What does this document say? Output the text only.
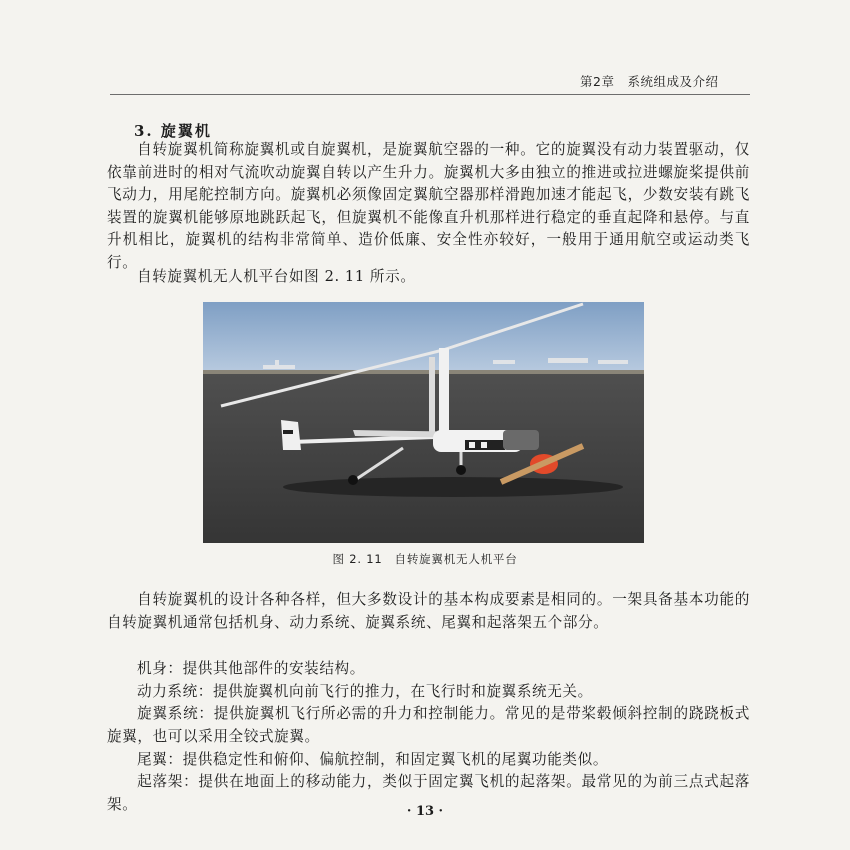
第2章　系统组成及介绍
3. 旋翼机
自转旋翼机简称旋翼机或自旋翼机，是旋翼航空器的一种。它的旋翼没有动力装置驱动，仅依靠前进时的相对气流吹动旋翼自转以产生升力。旋翼机大多由独立的推进或拉进螺旋桨提供前飞动力，用尾舵控制方向。旋翼机必须像固定翼航空器那样滑跑加速才能起飞，少数安装有跳飞装置的旋翼机能够原地跳跃起飞，但旋翼机不能像直升机那样进行稳定的垂直起降和悬停。与直升机相比，旋翼机的结构非常简单、造价低廉、安全性亦较好，一般用于通用航空或运动类飞行。
自转旋翼机无人机平台如图 2. 11 所示。
图 2. 11 自转旋翼机无人机平台
自转旋翼机的设计各种各样，但大多数设计的基本构成要素是相同的。一架具备基本功能的自转旋翼机通常包括机身、动力系统、旋翼系统、尾翼和起落架五个部分。
机身：提供其他部件的安装结构。
动力系统：提供旋翼机向前飞行的推力，在飞行时和旋翼系统无关。
旋翼系统：提供旋翼机飞行所必需的升力和控制能力。常见的是带桨毂倾斜控制的跷跷板式旋翼，也可以采用全铰式旋翼。
尾翼：提供稳定性和俯仰、偏航控制，和固定翼飞机的尾翼功能类似。
起落架：提供在地面上的移动能力，类似于固定翼飞机的起落架。最常见的为前三点式起落架。	· 13 ·
